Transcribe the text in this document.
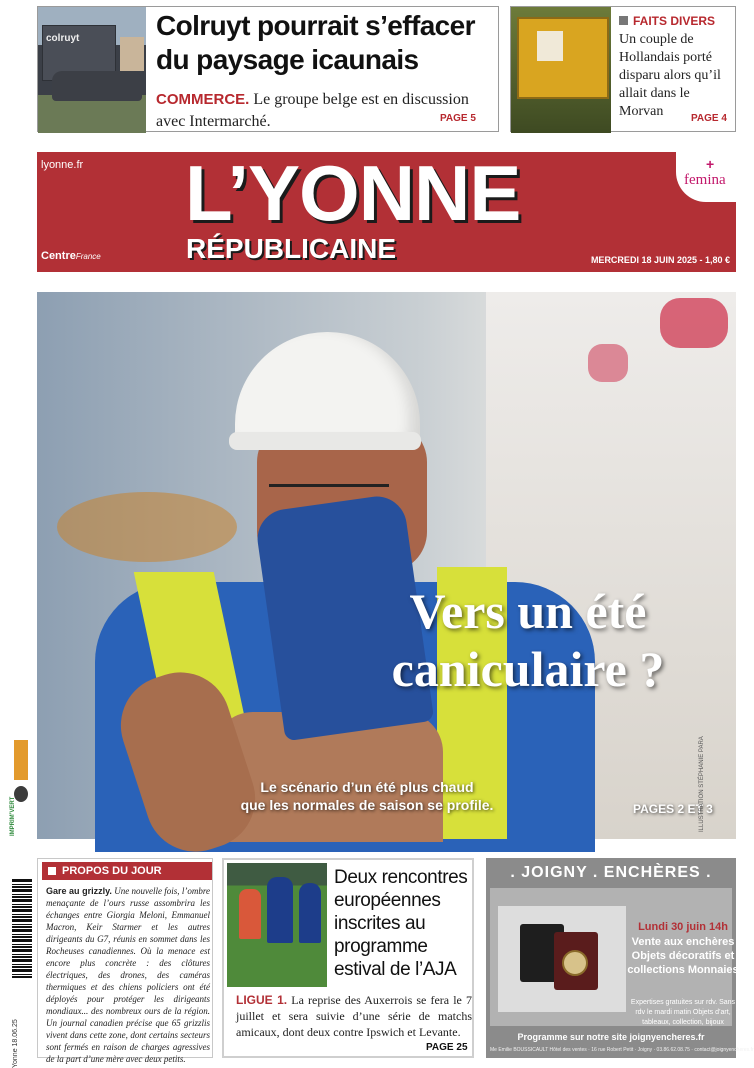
colruyt	Colruyt pourrait s’effacer
du paysage icaunais
COMMERCE. Le groupe belge est en discussion avec Intermarché.	PAGE 5
FAITS DIVERS
Un couple de Hollandais porté disparu alors qu’il allait dans le Morvan	PAGE 4
lyonne.fr L’YONNE
RÉPUBLICAINE
CentreFrance	MERCREDI 18 JUIN 2025 - 1,80 €
+
femina
Vers un été
caniculaire ?
Le scénario d’un été plus chaud
que les normales de saison se profile.	PAGES 2 ET 3
ILLUSTRATION STÉPHANIE PARA
IMPRIM’VERT
Yonne 18.06.25
PROPOS DU JOUR
Gare au grizzly. Une nouvelle fois, l’ombre menaçante de l’ours russe assombrira les échanges entre Giorgia Meloni, Emmanuel Macron, Keir Starmer et les autres dirigeants du G7, réunis en sommet dans les Rocheuses canadiennes. Où la menace est encore plus concrète : des clôtures électriques, des drones, des caméras thermiques et des chiens policiers ont été déployés pour protéger les dirigeants mondiaux... des nombreux ours de la région. Un journal canadien précise que 65 grizzlis vivent dans cette zone, dont certains secteurs sont fermés en raison de charges agressives de la part d’une mère avec deux petits.
Deux rencontres européennes inscrites au programme estival de l’AJA
LIGUE 1. La reprise des Auxerrois se fera le 7 juillet et sera suivie d’une série de matchs amicaux, dont deux contre Ipswich et Levante.
PAGE 25
. JOIGNY . ENCHÈRES .
Lundi 30 juin 14h
Vente aux enchères Objets décoratifs et collections Monnaies
Expertises gratuites sur rdv. Sans rdv le mardi matin Objets d’art, tableaux, collection, bijoux
Programme sur notre site joignyencheres.fr
Me Emilie BOUSSICAULT Hôtel des ventes · 16 rue Robert Petit · Joigny · 03.86.62.08.75 · contact@joignyencheres.fr
